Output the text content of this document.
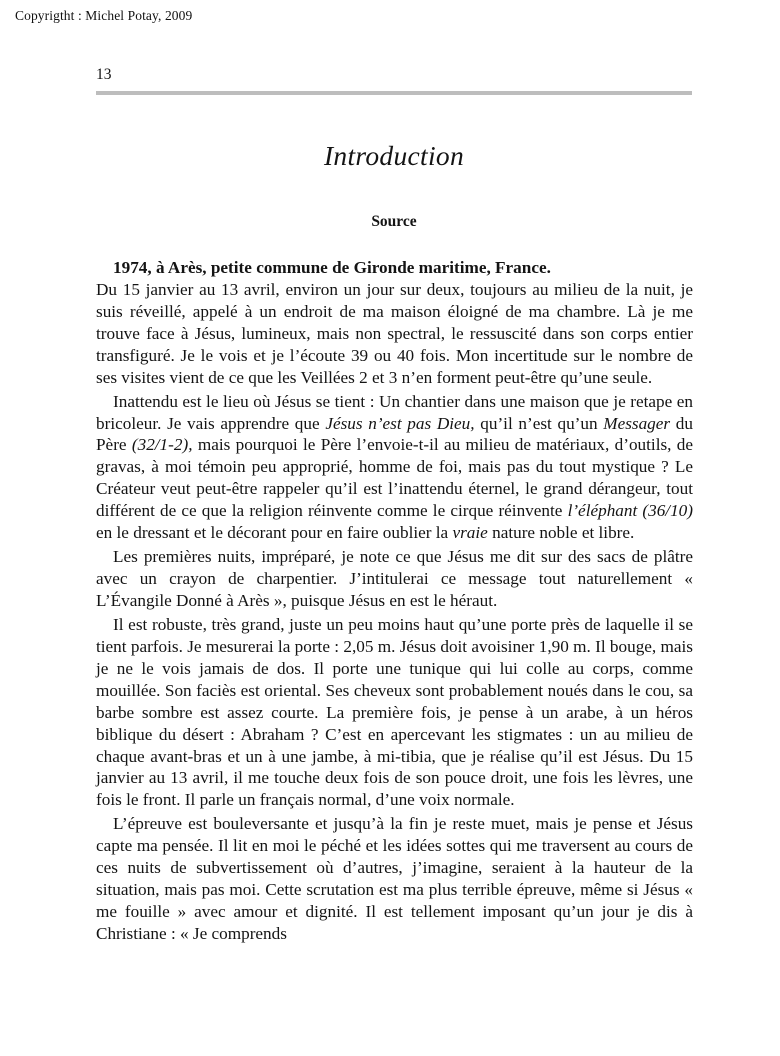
Copyrigtht : Michel Potay, 2009
13
Introduction
Source

1974, à Arès, petite commune de Gironde maritime, France.
Du 15 janvier au 13 avril, environ un jour sur deux, toujours au milieu de la nuit, je suis réveillé, appelé à un endroit de ma maison éloigné de ma chambre. Là je me trouve face à Jésus, lumineux, mais non spectral, le ressuscité dans son corps entier transfiguré. Je le vois et je l’écoute 39 ou 40 fois. Mon incertitude sur le nombre de ses visites vient de ce que les Veillées 2 et 3 n’en forment peut-être qu’une seule.

Inattendu est le lieu où Jésus se tient : Un chantier dans une maison que je retape en bricoleur. Je vais apprendre que Jésus n’est pas Dieu, qu’il n’est qu’un Messager du Père (32/1-2), mais pourquoi le Père l’envoie-t-il au milieu de matériaux, d’outils, de gravas, à moi témoin peu approprié, homme de foi, mais pas du tout mystique ? Le Créateur veut peut-être rappeler qu’il est l’inattendu éternel, le grand dérangeur, tout différent de ce que la religion réinvente comme le cirque réinvente l’éléphant (36/10) en le dressant et le décorant pour en faire oublier la vraie nature noble et libre.

Les premières nuits, impréparé, je note ce que Jésus me dit sur des sacs de plâtre avec un crayon de charpentier. J’intitulerai ce message tout naturellement « L’Évangile Donné à Arès », puisque Jésus en est le héraut.

Il est robuste, très grand, juste un peu moins haut qu’une porte près de laquelle il se tient parfois. Je mesurerai la porte : 2,05 m. Jésus doit avoisiner 1,90 m. Il bouge, mais je ne le vois jamais de dos. Il porte une tunique qui lui colle au corps, comme mouillée. Son faciès est oriental. Ses cheveux sont probablement noués dans le cou, sa barbe sombre est assez courte. La première fois, je pense à un arabe, à un héros biblique du désert : Abraham ? C’est en apercevant les stigmates : un au milieu de chaque avant-bras et un à une jambe, à mi-tibia, que je réalise qu’il est Jésus. Du 15 janvier au 13 avril, il me touche deux fois de son pouce droit, une fois les lèvres, une fois le front. Il parle un français normal, d’une voix normale.

L’épreuve est bouleversante et jusqu’à la fin je reste muet, mais je pense et Jésus capte ma pensée. Il lit en moi le péché et les idées sottes qui me traversent au cours de ces nuits de subvertissement où d’autres, j’imagine, seraient à la hauteur de la situation, mais pas moi. Cette scrutation est ma plus terrible épreuve, même si Jésus « me fouille » avec amour et dignité. Il est tellement imposant qu’un jour je dis à Christiane : « Je comprends
